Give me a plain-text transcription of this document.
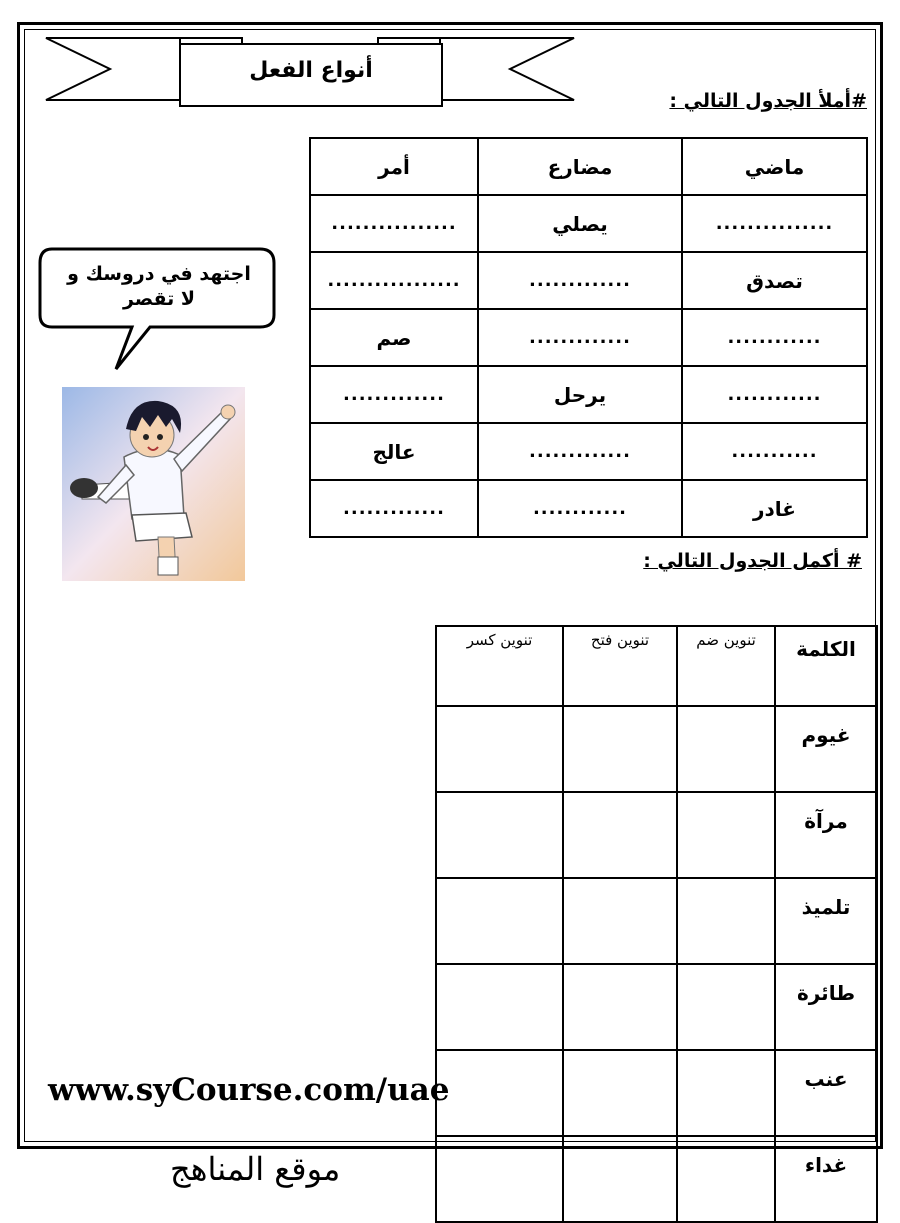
أنواع الفعل
#أملأ الجدول التالي :
ماضي	مضارع	أمر
...............	يصلي	................
تصدق	.............	.................
............	.............	صم
............	يرحل	.............
...........	.............	عالج
غادر	............	.............
اجتهد في دروسك و
لا تقصر
# أكمل الجدول التالي :
الكلمة	تنوين ضم	تنوين فتح	تنوين كسر
غيوم			
مرآة			
تلميذ			
طائرة			
عنب			
غداء			
www.syCourse.com/uae
موقع المناهج
